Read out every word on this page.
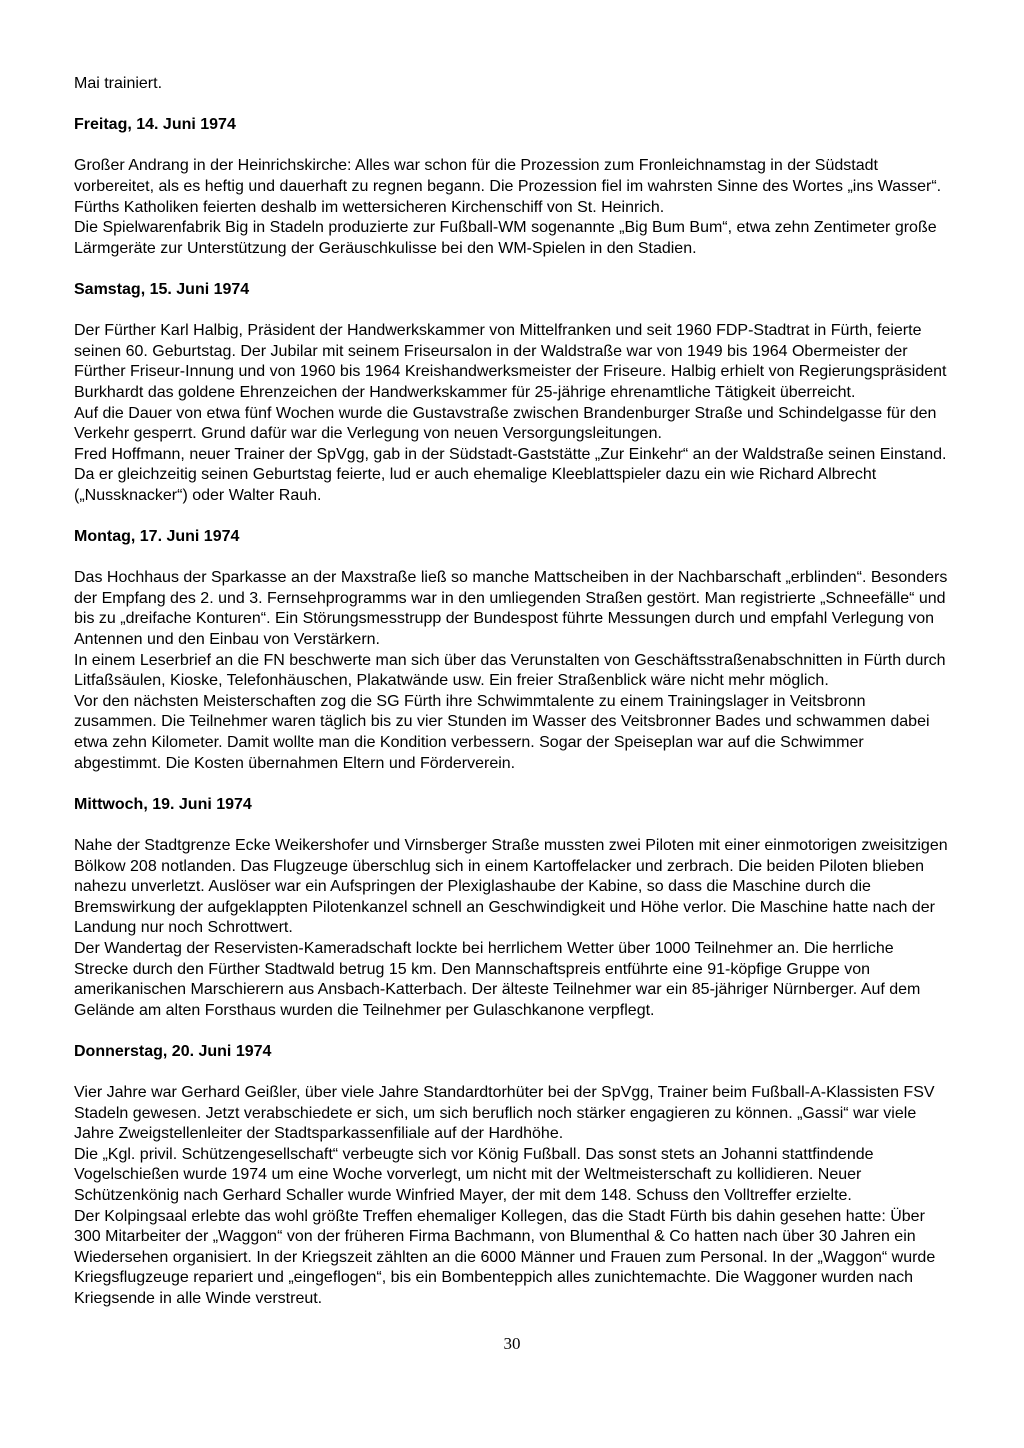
Mai trainiert.

Freitag, 14. Juni 1974

Großer Andrang in der Heinrichskirche: Alles war schon für die Prozession zum Fronleichnamstag in der Südstadt vorbereitet, als es heftig und dauerhaft zu regnen begann. Die Prozession fiel im wahrsten Sinne des Wortes „ins Wasser“. Fürths Katholiken feierten deshalb im wettersicheren Kirchenschiff von St. Heinrich.

Die Spielwarenfabrik Big in Stadeln produzierte zur Fußball-WM sogenannte „Big Bum Bum“, etwa zehn Zentimeter große Lärmgeräte zur Unterstützung der Geräuschkulisse bei den WM-Spielen in den Stadien.

Samstag, 15. Juni 1974

Der Fürther Karl Halbig, Präsident der Handwerkskammer von Mittelfranken und seit 1960 FDP-Stadtrat in Fürth, feierte seinen 60. Geburtstag. Der Jubilar mit seinem Friseursalon in der Waldstraße war von 1949 bis 1964 Obermeister der Fürther Friseur-Innung und von 1960 bis 1964 Kreishandwerksmeister der Friseure. Halbig erhielt von Regierungspräsident Burkhardt das goldene Ehrenzeichen der Handwerkskammer für 25-jährige ehrenamtliche Tätigkeit überreicht.

Auf die Dauer von etwa fünf Wochen wurde die Gustavstraße zwischen Brandenburger Straße und Schindelgasse für den Verkehr gesperrt. Grund dafür war die Verlegung von neuen Versorgungsleitungen.

Fred Hoffmann, neuer Trainer der SpVgg, gab in der Südstadt-Gaststätte „Zur Einkehr“ an der Waldstraße seinen Einstand. Da er gleichzeitig seinen Geburtstag feierte, lud er auch ehemalige Kleeblattspieler dazu ein wie Richard Albrecht („Nussknacker“) oder Walter Rauh.

Montag, 17. Juni 1974

Das Hochhaus der Sparkasse an der Maxstraße ließ so manche Mattscheiben in der Nachbarschaft „erblinden“. Besonders der Empfang des 2. und 3. Fernsehprogramms war in den umliegenden Straßen gestört. Man registrierte „Schneefälle“ und bis zu „dreifache Konturen“. Ein Störungsmesstrupp der Bundespost führte Messungen durch und empfahl Verlegung von Antennen und den Einbau von Verstärkern.

In einem Leserbrief an die FN beschwerte man sich über das Verunstalten von Geschäftsstraßenabschnitten in Fürth durch Litfaßsäulen, Kioske, Telefonhäuschen, Plakatwände usw. Ein freier Straßenblick wäre nicht mehr möglich.

Vor den nächsten Meisterschaften zog die SG Fürth ihre Schwimmtalente zu einem Trainingslager in Veitsbronn zusammen. Die Teilnehmer waren täglich bis zu vier Stunden im Wasser des Veitsbronner Bades und schwammen dabei etwa zehn Kilometer. Damit wollte man die Kondition verbessern. Sogar der Speiseplan war auf die Schwimmer abgestimmt. Die Kosten übernahmen Eltern und Förderverein.

Mittwoch, 19. Juni 1974

Nahe der Stadtgrenze Ecke Weikershofer und Virnsberger Straße mussten zwei Piloten mit einer einmotorigen zweisitzigen Bölkow 208 notlanden. Das Flugzeuge überschlug sich in einem Kartoffelacker und zerbrach. Die beiden Piloten blieben nahezu unverletzt. Auslöser war ein Aufspringen der Plexiglashaube der Kabine, so dass die Maschine durch die Bremswirkung der aufgeklappten Pilotenkanzel schnell an Geschwindigkeit und Höhe verlor. Die Maschine hatte nach der Landung nur noch Schrottwert.

Der Wandertag der Reservisten-Kameradschaft lockte bei herrlichem Wetter über 1000 Teilnehmer an. Die herrliche Strecke durch den Fürther Stadtwald betrug 15 km. Den Mannschaftspreis entführte eine 91-köpfige Gruppe von amerikanischen Marschierern aus Ansbach-Katterbach. Der älteste Teilnehmer war ein 85-jähriger Nürnberger. Auf dem Gelände am alten Forsthaus wurden die Teilnehmer per Gulaschkanone verpflegt.

Donnerstag, 20. Juni 1974

Vier Jahre war Gerhard Geißler, über viele Jahre Standardtorhüter bei der SpVgg, Trainer beim Fußball-A-Klassisten FSV Stadeln gewesen. Jetzt verabschiedete er sich, um sich beruflich noch stärker engagieren zu können. „Gassi“ war viele Jahre Zweigstellenleiter der Stadtsparkassenfiliale auf der Hardhöhe.

Die „Kgl. privil. Schützengesellschaft“ verbeugte sich vor König Fußball. Das sonst stets an Johanni stattfindende Vogelschießen wurde 1974 um eine Woche vorverlegt, um nicht mit der Weltmeisterschaft zu kollidieren. Neuer Schützenkönig nach Gerhard Schaller wurde Winfried Mayer, der mit dem 148. Schuss den Volltreffer erzielte.

Der Kolpingsaal erlebte das wohl größte Treffen ehemaliger Kollegen, das die Stadt Fürth bis dahin gesehen hatte: Über 300 Mitarbeiter der „Waggon“ von der früheren Firma Bachmann, von Blumenthal & Co hatten nach über 30 Jahren ein Wiedersehen organisiert. In der Kriegszeit zählten an die 6000 Männer und Frauen zum Personal. In der „Waggon“ wurde Kriegsflugzeuge repariert und „eingeflogen“, bis ein Bombenteppich alles zunichtemachte. Die Waggoner wurden nach Kriegsende in alle Winde verstreut.

30
